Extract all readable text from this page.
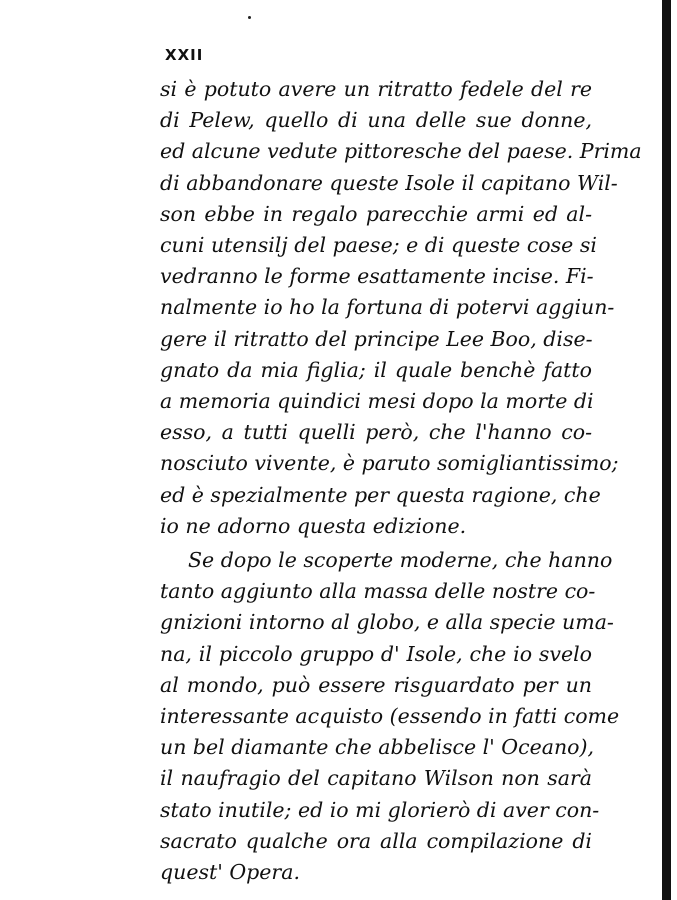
XXII
si è potuto avere un ritratto fedele del re
di Pelew, quello di una delle sue donne,
ed alcune vedute pittoresche del paese. Prima
di abbandonare queste Isole il capitano Wil-
son ebbe in regalo parecchie armi ed al-
cuni utensilj del paese; e di queste cose si
vedranno le forme esattamente incise. Fi-
nalmente io ho la fortuna di potervi aggiun-
gere il ritratto del principe Lee Boo, dise-
gnato da mia figlia; il quale benchè fatto
a memoria quindici mesi dopo la morte di
esso, a tutti quelli però, che l'hanno co-
nosciuto vivente, è paruto somigliantissimo;
ed è spezialmente per questa ragione, che
io ne adorno questa edizione.
Se dopo le scoperte moderne, che hanno
tanto aggiunto alla massa delle nostre co-
gnizioni intorno al globo, e alla specie uma-
na, il piccolo gruppo d' Isole, che io svelo
al mondo, può essere risguardato per un
interessante acquisto (essendo in fatti come
un bel diamante che abbelisce l' Oceano),
il naufragio del capitano Wilson non sarà
stato inutile; ed io mi glorierò di aver con-
sacrato qualche ora alla compilazione di
quest' Opera.
